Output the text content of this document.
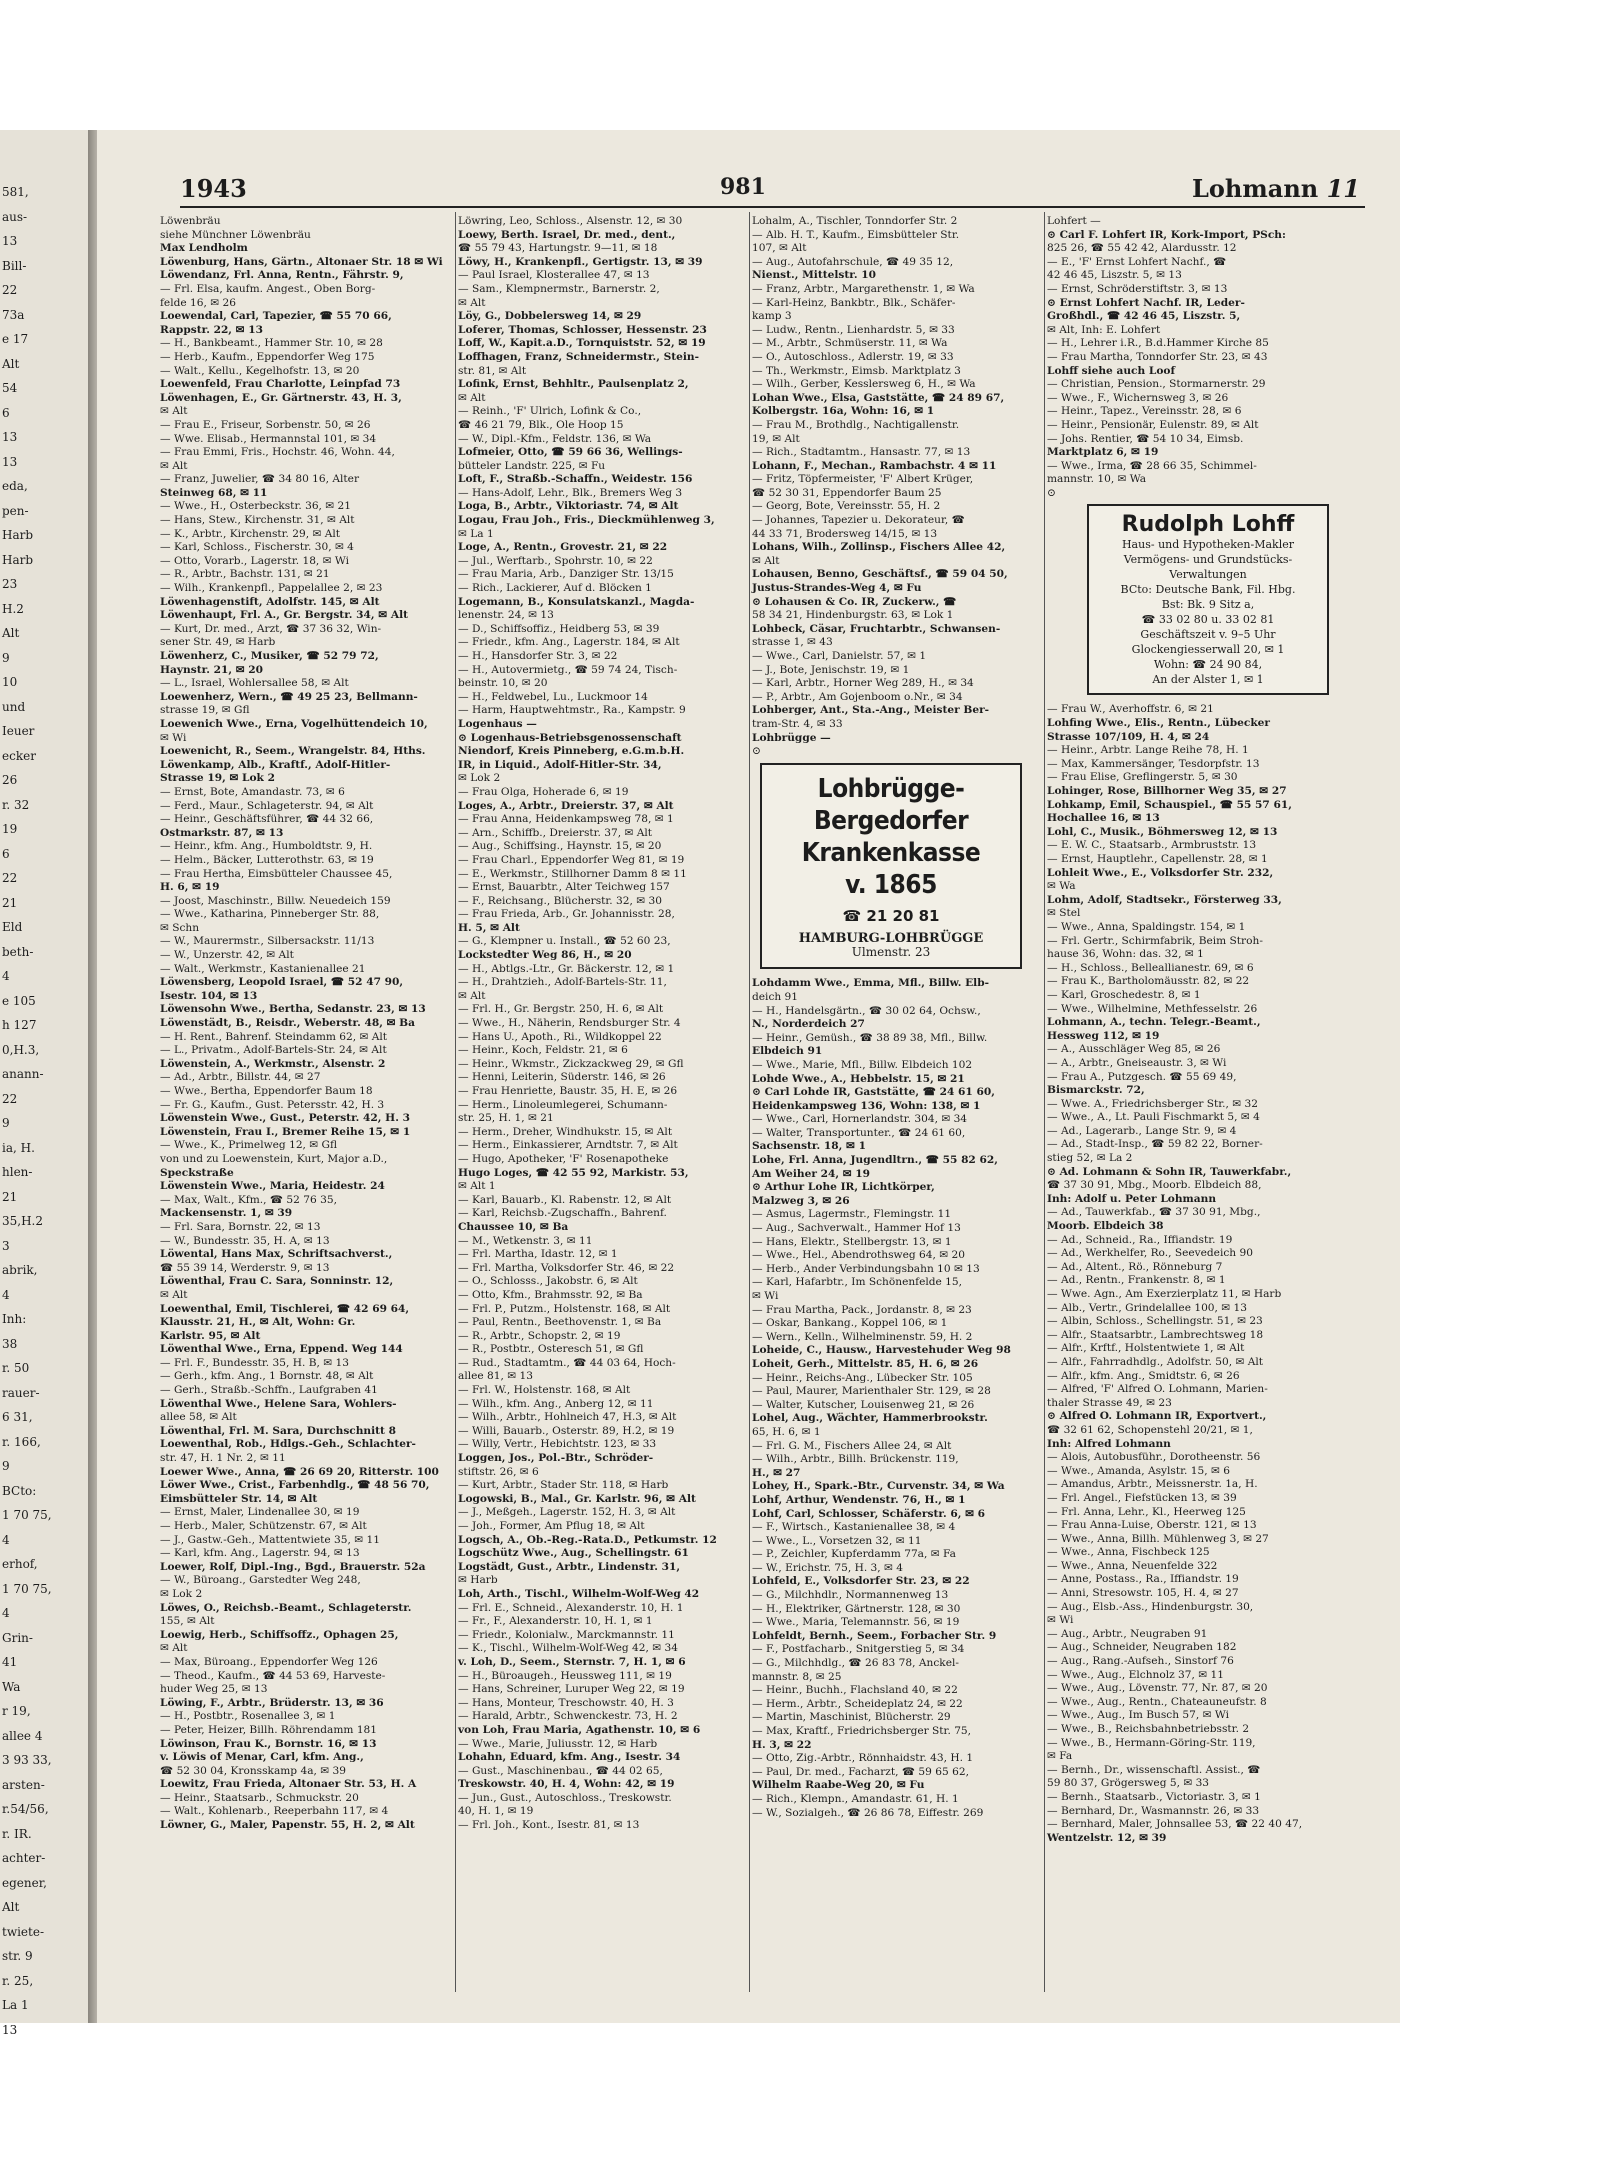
581,
aus-
13
Bill-
22
73a
e 17
Alt
54
6
13
13
eda,
pen-
Harb
Harb
23
H.2
Alt
9
10
und
Ieuer
ecker
26
r. 32
19
6
22
21
Eld
beth-
4
e 105
h 127
0,H.3,
anann-
22
9
ia, H.
hlen-
21
35,H.2
3
abrik,
4
Inh:
38
r. 50
rauer-
6 31,
r. 166,
9
BCto:
1 70 75,
4
erhof,
1 70 75,
4
Grin-
41
Wa
r 19,
allee 4
3 93 33,
arsten-
r.54/56,
r. IR.
achter-
egener,
Alt
twiete-
str. 9
r. 25,
La 1
13
1943	981	Lohmann 11
Löwenbräu
siehe Münchner Löwenbräu
Max Lendholm
Löwenburg, Hans, Gärtn., Altonaer Str. 18 ✉ Wi
Löwendanz, Frl. Anna, Rentn., Fährstr. 9,
— Frl. Elsa, kaufm. Angest., Oben Borg-
felde 16, ✉ 26
Loewendal, Carl, Tapezier, ☎ 55 70 66,
Rappstr. 22, ✉ 13
— H., Bankbeamt., Hammer Str. 10, ✉ 28
— Herb., Kaufm., Eppendorfer Weg 175
— Walt., Kellu., Kegelhofstr. 13, ✉ 20
Loewenfeld, Frau Charlotte, Leinpfad 73
Löwenhagen, E., Gr. Gärtnerstr. 43, H. 3,
✉ Alt
— Frau E., Friseur, Sorbenstr. 50, ✉ 26
— Wwe. Elisab., Hermannstal 101, ✉ 34
— Frau Emmi, Fris., Hochstr. 46, Wohn. 44,
✉ Alt
— Franz, Juwelier, ☎ 34 80 16, Alter
Steinweg 68, ✉ 11
— Wwe., H., Osterbeckstr. 36, ✉ 21
— Hans, Stew., Kirchenstr. 31, ✉ Alt
— K., Arbtr., Kirchenstr. 29, ✉ Alt
— Karl, Schloss., Fischerstr. 30, ✉ 4
— Otto, Vorarb., Lagerstr. 18, ✉ Wi
— R., Arbtr., Bachstr. 131, ✉ 21
— Wilh., Krankenpfl., Pappelallee 2, ✉ 23
Löwenhagenstift, Adolfstr. 145, ✉ Alt
Löwenhaupt, Frl. A., Gr. Bergstr. 34, ✉ Alt
— Kurt, Dr. med., Arzt, ☎ 37 36 32, Win-
sener Str. 49, ✉ Harb
Löwenherz, C., Musiker, ☎ 52 79 72,
Haynstr. 21, ✉ 20
— L., Israel, Wohlersallee 58, ✉ Alt
Loewenherz, Wern., ☎ 49 25 23, Bellmann-
strasse 19, ✉ Gfl
Loewenich Wwe., Erna, Vogelhüttendeich 10,
✉ Wi
Loewenicht, R., Seem., Wrangelstr. 84, Hths.
Löwenkamp, Alb., Kraftf., Adolf-Hitler-
Strasse 19, ✉ Lok 2
— Ernst, Bote, Amandastr. 73, ✉ 6
— Ferd., Maur., Schlageterstr. 94, ✉ Alt
— Heinr., Geschäftsführer, ☎ 44 32 66,
Ostmarkstr. 87, ✉ 13
— Heinr., kfm. Ang., Humboldtstr. 9, H.
— Helm., Bäcker, Lutterothstr. 63, ✉ 19
— Frau Hertha, Eimsbütteler Chaussee 45,
H. 6, ✉ 19
— Joost, Maschinstr., Billw. Neuedeich 159
— Wwe., Katharina, Pinneberger Str. 88,
✉ Schn
— W., Maurermstr., Silbersackstr. 11/13
— W., Unzerstr. 42, ✉ Alt
— Walt., Werkmstr., Kastanienallee 21
Löwensberg, Leopold Israel, ☎ 52 47 90,
Isestr. 104, ✉ 13
Löwensohn Wwe., Bertha, Sedanstr. 23, ✉ 13
Löwenstädt, B., Reisdr., Weberstr. 48, ✉ Ba
— H. Rent., Bahrenf. Steindamm 62, ✉ Alt
— L., Privatm., Adolf-Bartels-Str. 24, ✉ Alt
Löwenstein, A., Werkmstr., Alsenstr. 2
— Ad., Arbtr., Billstr. 44, ✉ 27
— Wwe., Bertha, Eppendorfer Baum 18
— Fr. G., Kaufm., Gust. Petersstr. 42, H. 3
Löwenstein Wwe., Gust., Peterstr. 42, H. 3
Löwenstein, Frau I., Bremer Reihe 15, ✉ 1
— Wwe., K., Primelweg 12, ✉ Gfl
von und zu Loewenstein, Kurt, Major a.D.,
Speckstraße
Löwenstein Wwe., Maria, Heidestr. 24
— Max, Walt., Kfm., ☎ 52 76 35,
Mackensenstr. 1, ✉ 39
— Frl. Sara, Bornstr. 22, ✉ 13
— W., Bundesstr. 35, H. A, ✉ 13
Löwental, Hans Max, Schriftsachverst.,
☎ 55 39 14, Werderstr. 9, ✉ 13
Löwenthal, Frau C. Sara, Sonninstr. 12,
✉ Alt
Loewenthal, Emil, Tischlerei, ☎ 42 69 64,
Klausstr. 21, H., ✉ Alt, Wohn: Gr.
Karlstr. 95, ✉ Alt
Löwenthal Wwe., Erna, Eppend. Weg 144
— Frl. F., Bundesstr. 35, H. B, ✉ 13
— Gerh., kfm. Ang., 1 Bornstr. 48, ✉ Alt
— Gerh., Straßb.-Schffn., Laufgraben 41
Löwenthal Wwe., Helene Sara, Wohlers-
allee 58, ✉ Alt
Löwenthal, Frl. M. Sara, Durchschnitt 8
Loewenthal, Rob., Hdlgs.-Geh., Schlachter-
str. 47, H. 1 Nr. 2, ✉ 11
Loewer Wwe., Anna, ☎ 26 69 20, Ritterstr. 100
Löwer Wwe., Crist., Farbenhdlg., ☎ 48 56 70,
Eimsbütteler Str. 14, ✉ Alt
— Ernst, Maler, Lindenallee 30, ✉ 19
— Herb., Maler, Schützenstr. 67, ✉ Alt
— J., Gastw.-Geh., Mattentwiete 35, ✉ 11
— Karl, kfm. Ang., Lagerstr. 94, ✉ 13
Loewer, Rolf, Dipl.-Ing., Bgd., Brauerstr. 52a
— W., Büroang., Garstedter Weg 248,
✉ Lok 2
Löwes, O., Reichsb.-Beamt., Schlageterstr.
155, ✉ Alt
Loewig, Herb., Schiffsoffz., Ophagen 25,
✉ Alt
— Max, Büroang., Eppendorfer Weg 126
— Theod., Kaufm., ☎ 44 53 69, Harveste-
huder Weg 25, ✉ 13
Löwing, F., Arbtr., Brüderstr. 13, ✉ 36
— H., Postbtr., Rosenallee 3, ✉ 1
— Peter, Heizer, Billh. Röhrendamm 181
Löwinson, Frau K., Bornstr. 16, ✉ 13
v. Löwis of Menar, Carl, kfm. Ang.,
☎ 52 30 04, Kronsskamp 4a, ✉ 39
Loewitz, Frau Frieda, Altonaer Str. 53, H. A
— Heinr., Staatsarb., Schmuckstr. 20
— Walt., Kohlenarb., Reeperbahn 117, ✉ 4
Löwner, G., Maler, Papenstr. 55, H. 2, ✉ Alt
Löwring, Leo, Schloss., Alsenstr. 12, ✉ 30
Loewy, Berth. Israel, Dr. med., dent.,
☎ 55 79 43, Hartungstr. 9—11, ✉ 18
Löwy, H., Krankenpfl., Gertigstr. 13, ✉ 39
— Paul Israel, Klosterallee 47, ✉ 13
— Sam., Klempnermstr., Barnerstr. 2,
✉ Alt
Löy, G., Dobbelersweg 14, ✉ 29
Loferer, Thomas, Schlosser, Hessenstr. 23
Loff, W., Kapit.a.D., Tornquiststr. 52, ✉ 19
Loffhagen, Franz, Schneidermstr., Stein-
str. 81, ✉ Alt
Lofink, Ernst, Behhltr., Paulsenplatz 2,
✉ Alt
— Reinh., 'F' Ulrich, Lofink & Co.,
☎ 46 21 79, Blk., Ole Hoop 15
— W., Dipl.-Kfm., Feldstr. 136, ✉ Wa
Lofmeier, Otto, ☎ 59 66 36, Wellings-
bütteler Landstr. 225, ✉ Fu
Loft, F., Straßb.-Schaffn., Weidestr. 156
— Hans-Adolf, Lehr., Blk., Bremers Weg 3
Loga, B., Arbtr., Viktoriastr. 74, ✉ Alt
Logau, Frau Joh., Fris., Dieckmühlenweg 3,
✉ La 1
Loge, A., Rentn., Grovestr. 21, ✉ 22
— Jul., Werftarb., Spohrstr. 10, ✉ 22
— Frau Maria, Arb., Danziger Str. 13/15
— Rich., Lackierer, Auf d. Blöcken 1
Logemann, B., Konsulatskanzl., Magda-
lenenstr. 24, ✉ 13
— D., Schiffsoffiz., Heidberg 53, ✉ 39
— Friedr., kfm. Ang., Lagerstr. 184, ✉ Alt
— H., Hansdorfer Str. 3, ✉ 22
— H., Autovermietg., ☎ 59 74 24, Tisch-
beinstr. 10, ✉ 20
— H., Feldwebel, Lu., Luckmoor 14
— Harm, Hauptwehtmstr., Ra., Kampstr. 9
Logenhaus —
⊙ Logenhaus-Betriebsgenossenschaft
Niendorf, Kreis Pinneberg, e.G.m.b.H.
IR, in Liquid., Adolf-Hitler-Str. 34,
✉ Lok 2
— Frau Olga, Hoherade 6, ✉ 19
Loges, A., Arbtr., Dreierstr. 37, ✉ Alt
— Frau Anna, Heidenkampsweg 78, ✉ 1
— Arn., Schiffb., Dreierstr. 37, ✉ Alt
— Aug., Schiffsing., Haynstr. 15, ✉ 20
— Frau Charl., Eppendorfer Weg 81, ✉ 19
— E., Werkmstr., Stillhorner Damm 8 ✉ 11
— Ernst, Bauarbtr., Alter Teichweg 157
— F., Reichsang., Blücherstr. 32, ✉ 30
— Frau Frieda, Arb., Gr. Johannisstr. 28,
H. 5, ✉ Alt
— G., Klempner u. Install., ☎ 52 60 23,
Lockstedter Weg 86, H., ✉ 20
— H., Abtlgs.-Ltr., Gr. Bäckerstr. 12, ✉ 1
— H., Drahtzieh., Adolf-Bartels-Str. 11,
✉ Alt
— Frl. H., Gr. Bergstr. 250, H. 6, ✉ Alt
— Wwe., H., Näherin, Rendsburger Str. 4
— Hans U., Apoth., Ri., Wildkoppel 22
— Heinr., Koch, Feldstr. 21, ✉ 6
— Heinr., Wkmstr., Zickzackweg 29, ✉ Gfl
— Henni, Leiterin, Süderstr. 146, ✉ 26
— Frau Henriette, Baustr. 35, H. E, ✉ 26
— Herm., Linoleumlegerei, Schumann-
str. 25, H. 1, ✉ 21
— Herm., Dreher, Windhukstr. 15, ✉ Alt
— Herm., Einkassierer, Arndtstr. 7, ✉ Alt
— Hugo, Apotheker, 'F' Rosenapotheke
Hugo Loges, ☎ 42 55 92, Markistr. 53,
✉ Alt 1
— Karl, Bauarb., Kl. Rabenstr. 12, ✉ Alt
— Karl, Reichsb.-Zugschaffn., Bahrenf.
Chaussee 10, ✉ Ba
— M., Wetkenstr. 3, ✉ 11
— Frl. Martha, Idastr. 12, ✉ 1
— Frl. Martha, Volksdorfer Str. 46, ✉ 22
— O., Schlosss., Jakobstr. 6, ✉ Alt
— Otto, Kfm., Brahmsstr. 92, ✉ Ba
— Frl. P., Putzm., Holstenstr. 168, ✉ Alt
— Paul, Rentn., Beethovenstr. 1, ✉ Ba
— R., Arbtr., Schopstr. 2, ✉ 19
— R., Postbtr., Osteresch 51, ✉ Gfl
— Rud., Stadtamtm., ☎ 44 03 64, Hoch-
allee 81, ✉ 13
— Frl. W., Holstenstr. 168, ✉ Alt
— Wilh., kfm. Ang., Anberg 12, ✉ 11
— Wilh., Arbtr., Hohlneich 47, H.3, ✉ Alt
— Willi, Bauarb., Osterstr. 89, H.2, ✉ 19
— Willy, Vertr., Hebichtstr. 123, ✉ 33
Loggen, Jos., Pol.-Btr., Schröder-
stiftstr. 26, ✉ 6
— Kurt, Arbtr., Stader Str. 118, ✉ Harb
Logowski, B., Mal., Gr. Karlstr. 96, ✉ Alt
— J., Meßgeh., Lagerstr. 152, H. 3, ✉ Alt
— Joh., Former, Am Pflug 18, ✉ Alt
Logsch, A., Ob.-Reg.-Rata.D., Petkumstr. 12
Logschütz Wwe., Aug., Schellingstr. 61
Logstädt, Gust., Arbtr., Lindenstr. 31,
✉ Harb
Loh, Arth., Tischl., Wilhelm-Wolf-Weg 42
— Frl. E., Schneid., Alexanderstr. 10, H. 1
— Fr., F., Alexanderstr. 10, H. 1, ✉ 1
— Friedr., Kolonialw., Marckmannstr. 11
— K., Tischl., Wilhelm-Wolf-Weg 42, ✉ 34
v. Loh, D., Seem., Sternstr. 7, H. 1, ✉ 6
— H., Büroaugeh., Heussweg 111, ✉ 19
— Hans, Schreiner, Luruper Weg 22, ✉ 19
— Hans, Monteur, Treschowstr. 40, H. 3
— Harald, Arbtr., Schwenckestr. 73, H. 2
von Loh, Frau Maria, Agathenstr. 10, ✉ 6
— Wwe., Marie, Juliusstr. 12, ✉ Harb
Lohahn, Eduard, kfm. Ang., Isestr. 34
— Gust., Maschinenbau., ☎ 44 02 65,
Treskowstr. 40, H. 4, Wohn: 42, ✉ 19
— Jun., Gust., Autoschloss., Treskowstr.
40, H. 1, ✉ 19
— Frl. Joh., Kont., Isestr. 81, ✉ 13
Lohalm, A., Tischler, Tonndorfer Str. 2
— Alb. H. T., Kaufm., Eimsbütteler Str.
107, ✉ Alt
— Aug., Autofahrschule, ☎ 49 35 12,
Nienst., Mittelstr. 10
— Franz, Arbtr., Margarethenstr. 1, ✉ Wa
— Karl-Heinz, Bankbtr., Blk., Schäfer-
kamp 3
— Ludw., Rentn., Lienhardstr. 5, ✉ 33
— M., Arbtr., Schmüserstr. 11, ✉ Wa
— O., Autoschloss., Adlerstr. 19, ✉ 33
— Th., Werkmstr., Eimsb. Marktplatz 3
— Wilh., Gerber, Kesslersweg 6, H., ✉ Wa
Lohan Wwe., Elsa, Gaststätte, ☎ 24 89 67,
Kolbergstr. 16a, Wohn: 16, ✉ 1
— Frau M., Brothdlg., Nachtigallenstr.
19, ✉ Alt
— Rich., Stadtamtm., Hansastr. 77, ✉ 13
Lohann, F., Mechan., Rambachstr. 4 ✉ 11
— Fritz, Töpfermeister, 'F' Albert Krüger,
☎ 52 30 31, Eppendorfer Baum 25
— Georg, Bote, Vereinsstr. 55, H. 2
— Johannes, Tapezier u. Dekorateur, ☎
44 33 71, Brodersweg 14/15, ✉ 13
Lohans, Wilh., Zollinsp., Fischers Allee 42,
✉ Alt
Lohausen, Benno, Geschäftsf., ☎ 59 04 50,
Justus-Strandes-Weg 4, ✉ Fu
⊙ Lohausen & Co. IR, Zuckerw., ☎
58 34 21, Hindenburgstr. 63, ✉ Lok 1
Lohbeck, Cäsar, Fruchtarbtr., Schwansen-
strasse 1, ✉ 43
— Wwe., Carl, Danielstr. 57, ✉ 1
— J., Bote, Jenischstr. 19, ✉ 1
— Karl, Arbtr., Horner Weg 289, H., ✉ 34
— P., Arbtr., Am Gojenboom o.Nr., ✉ 34
Lohberger, Ant., Sta.-Ang., Meister Ber-
tram-Str. 4, ✉ 33
Lohbrügge —
⊙
Lohbrügge-
Bergedorfer
Krankenkasse
v. 1865
☎ 21 20 81
HAMBURG-LOHBRÜGGE
Ulmenstr. 23
Lohdamm Wwe., Emma, Mfl., Billw. Elb-
deich 91
— H., Handelsgärtn., ☎ 30 02 64, Ochsw.,
N., Norderdeich 27
— Heinr., Gemüsh., ☎ 38 89 38, Mfl., Billw.
Elbdeich 91
— Wwe., Marie, Mfl., Billw. Elbdeich 102
Lohde Wwe., A., Hebbelstr. 15, ✉ 21
⊙ Carl Lohde IR, Gaststätte, ☎ 24 61 60,
Heidenkampsweg 136, Wohn: 138, ✉ 1
— Wwe., Carl, Hornerlandstr. 304, ✉ 34
— Walter, Transportunter., ☎ 24 61 60,
Sachsenstr. 18, ✉ 1
Lohe, Frl. Anna, Jugendltrn., ☎ 55 82 62,
Am Weiher 24, ✉ 19
⊙ Arthur Lohe IR, Lichtkörper,
Malzweg 3, ✉ 26
— Asmus, Lagermstr., Flemingstr. 11
— Aug., Sachverwalt., Hammer Hof 13
— Hans, Elektr., Stellbergstr. 13, ✉ 1
— Wwe., Hel., Abendrothsweg 64, ✉ 20
— Herb., Ander Verbindungsbahn 10 ✉ 13
— Karl, Hafarbtr., Im Schönenfelde 15,
✉ Wi
— Frau Martha, Pack., Jordanstr. 8, ✉ 23
— Oskar, Bankang., Koppel 106, ✉ 1
— Wern., Kelln., Wilhelminenstr. 59, H. 2
Loheide, C., Hausw., Harvestehuder Weg 98
Loheit, Gerh., Mittelstr. 85, H. 6, ✉ 26
— Heinr., Reichs-Ang., Lübecker Str. 105
— Paul, Maurer, Marienthaler Str. 129, ✉ 28
— Walter, Kutscher, Louisenweg 21, ✉ 26
Lohel, Aug., Wächter, Hammerbrookstr.
65, H. 6, ✉ 1
— Frl. G. M., Fischers Allee 24, ✉ Alt
— Wilh., Arbtr., Billh. Brückenstr. 119,
H., ✉ 27
Lohey, H., Spark.-Btr., Curvenstr. 34, ✉ Wa
Lohf, Arthur, Wendenstr. 76, H., ✉ 1
Lohf, Carl, Schlosser, Schäferstr. 6, ✉ 6
— F., Wirtsch., Kastanienallee 38, ✉ 4
— Wwe., L., Vorsetzen 32, ✉ 11
— P., Zeichler, Kupferdamm 77a, ✉ Fa
— W., Erichstr. 75, H. 3, ✉ 4
Lohfeld, E., Volksdorfer Str. 23, ✉ 22
— G., Milchhdlr., Normannenweg 13
— H., Elektriker, Gärtnerstr. 128, ✉ 30
— Wwe., Maria, Telemannstr. 56, ✉ 19
Lohfeldt, Bernh., Seem., Forbacher Str. 9
— F., Postfacharb., Snitgerstieg 5, ✉ 34
— G., Milchhdlg., ☎ 26 83 78, Anckel-
mannstr. 8, ✉ 25
— Heinr., Buchh., Flachsland 40, ✉ 22
— Herm., Arbtr., Scheideplatz 24, ✉ 22
— Martin, Maschinist, Blücherstr. 29
— Max, Kraftf., Friedrichsberger Str. 75,
H. 3, ✉ 22
— Otto, Zig.-Arbtr., Rönnhaidstr. 43, H. 1
— Paul, Dr. med., Facharzt, ☎ 59 65 62,
Wilhelm Raabe-Weg 20, ✉ Fu
— Rich., Klempn., Amandastr. 61, H. 1
— W., Sozialgeh., ☎ 26 86 78, Eiffestr. 269
Lohfert —
⊙ Carl F. Lohfert IR, Kork-Import, PSch:
825 26, ☎ 55 42 42, Alardusstr. 12
— E., 'F' Ernst Lohfert Nachf., ☎
42 46 45, Liszstr. 5, ✉ 13
— Ernst, Schröderstiftstr. 3, ✉ 13
⊙ Ernst Lohfert Nachf. IR, Leder-
Großhdl., ☎ 42 46 45, Liszstr. 5,
✉ Alt, Inh: E. Lohfert
— H., Lehrer i.R., B.d.Hammer Kirche 85
— Frau Martha, Tonndorfer Str. 23, ✉ 43
Lohff siehe auch Loof
— Christian, Pension., Stormarnerstr. 29
— Wwe., F., Wichernsweg 3, ✉ 26
— Heinr., Tapez., Vereinsstr. 28, ✉ 6
— Heinr., Pensionär, Eulenstr. 89, ✉ Alt
— Johs. Rentier, ☎ 54 10 34, Eimsb.
Marktplatz 6, ✉ 19
— Wwe., Irma, ☎ 28 66 35, Schimmel-
mannstr. 10, ✉ Wa
⊙
Rudolph Lohff
Haus- und Hypotheken-Makler
Vermögens- und Grundstücks-
Verwaltungen
BCto: Deutsche Bank, Fil. Hbg.
Bst: Bk. 9 Sitz a,
☎ 33 02 80 u. 33 02 81
Geschäftszeit v. 9–5 Uhr
Glockengiesserwall 20, ✉ 1
Wohn: ☎ 24 90 84,
An der Alster 1, ✉ 1
— Frau W., Averhoffstr. 6, ✉ 21
Lohfing Wwe., Elis., Rentn., Lübecker
Strasse 107/109, H. 4, ✉ 24
— Heinr., Arbtr. Lange Reihe 78, H. 1
— Max, Kammersänger, Tesdorpfstr. 13
— Frau Elise, Greflingerstr. 5, ✉ 30
Lohinger, Rose, Billhorner Weg 35, ✉ 27
Lohkamp, Emil, Schauspiel., ☎ 55 57 61,
Hochallee 16, ✉ 13
Lohl, C., Musik., Böhmersweg 12, ✉ 13
— E. W. C., Staatsarb., Armbruststr. 13
— Ernst, Hauptlehr., Capellenstr. 28, ✉ 1
Lohleit Wwe., E., Volksdorfer Str. 232,
✉ Wa
Lohm, Adolf, Stadtsekr., Försterweg 33,
✉ Stel
— Wwe., Anna, Spaldingstr. 154, ✉ 1
— Frl. Gertr., Schirmfabrik, Beim Stroh-
hause 36, Wohn: das. 32, ✉ 1
— H., Schloss., Belleallianestr. 69, ✉ 6
— Frau K., Bartholomäusstr. 82, ✉ 22
— Karl, Groschedestr. 8, ✉ 1
— Wwe., Wilhelmine, Methfesselstr. 26
Lohmann, A., techn. Telegr.-Beamt.,
Hessweg 112, ✉ 19
— A., Ausschläger Weg 85, ✉ 26
— A., Arbtr., Gneiseaustr. 3, ✉ Wi
— Frau A., Putzgesch. ☎ 55 69 49,
Bismarckstr. 72,
— Wwe. A., Friedrichsberger Str., ✉ 32
— Wwe., A., Lt. Pauli Fischmarkt 5, ✉ 4
— Ad., Lagerarb., Lange Str. 9, ✉ 4
— Ad., Stadt-Insp., ☎ 59 82 22, Borner-
stieg 52, ✉ La 2
⊙ Ad. Lohmann & Sohn IR, Tauwerkfabr.,
☎ 37 30 91, Mbg., Moorb. Elbdeich 88,
Inh: Adolf u. Peter Lohmann
— Ad., Tauwerkfab., ☎ 37 30 91, Mbg.,
Moorb. Elbdeich 38
— Ad., Schneid., Ra., Iffiandstr. 19
— Ad., Werkhelfer, Ro., Seevedeich 90
— Ad., Altent., Rö., Rönneburg 7
— Ad., Rentn., Frankenstr. 8, ✉ 1
— Wwe. Agn., Am Exerzierplatz 11, ✉ Harb
— Alb., Vertr., Grindelallee 100, ✉ 13
— Albin, Schloss., Schellingstr. 51, ✉ 23
— Alfr., Staatsarbtr., Lambrechtsweg 18
— Alfr., Krftf., Holstentwiete 1, ✉ Alt
— Alfr., Fahrradhdlg., Adolfstr. 50, ✉ Alt
— Alfr., kfm. Ang., Smidtstr. 6, ✉ 26
— Alfred, 'F' Alfred O. Lohmann, Marien-
thaler Strasse 49, ✉ 23
⊙ Alfred O. Lohmann IR, Exportvert.,
☎ 32 61 62, Schopenstehl 20/21, ✉ 1,
Inh: Alfred Lohmann
— Alois, Autobusführ., Dorotheenstr. 56
— Wwe., Amanda, Asylstr. 15, ✉ 6
— Amandus, Arbtr., Meissnerstr. 1a, H.
— Frl. Angel., Fiefstücken 13, ✉ 39
— Frl. Anna, Lehr., Kl., Heerweg 125
— Frau Anna-Luise, Oberstr. 121, ✉ 13
— Wwe., Anna, Billh. Mühlenweg 3, ✉ 27
— Wwe., Anna, Fischbeck 125
— Wwe., Anna, Neuenfelde 322
— Anne, Postass., Ra., Iffiandstr. 19
— Anni, Stresowstr. 105, H. 4, ✉ 27
— Aug., Elsb.-Ass., Hindenburgstr. 30,
✉ Wi
— Aug., Arbtr., Neugraben 91
— Aug., Schneider, Neugraben 182
— Aug., Rang.-Aufseh., Sinstorf 76
— Wwe., Aug., Elchnolz 37, ✉ 11
— Wwe., Aug., Lövenstr. 77, Nr. 87, ✉ 20
— Wwe., Aug., Rentn., Chateauneufstr. 8
— Wwe., Aug., Im Busch 57, ✉ Wi
— Wwe., B., Reichsbahnbetriebsstr. 2
— Wwe., B., Hermann-Göring-Str. 119,
✉ Fa
— Bernh., Dr., wissenschaftl. Assist., ☎
59 80 37, Grögersweg 5, ✉ 33
— Bernh., Staatsarb., Victoriastr. 3, ✉ 1
— Bernhard, Dr., Wasmannstr. 26, ✉ 33
— Bernhard, Maler, Johnsallee 53, ☎ 22 40 47,
Wentzelstr. 12, ✉ 39
